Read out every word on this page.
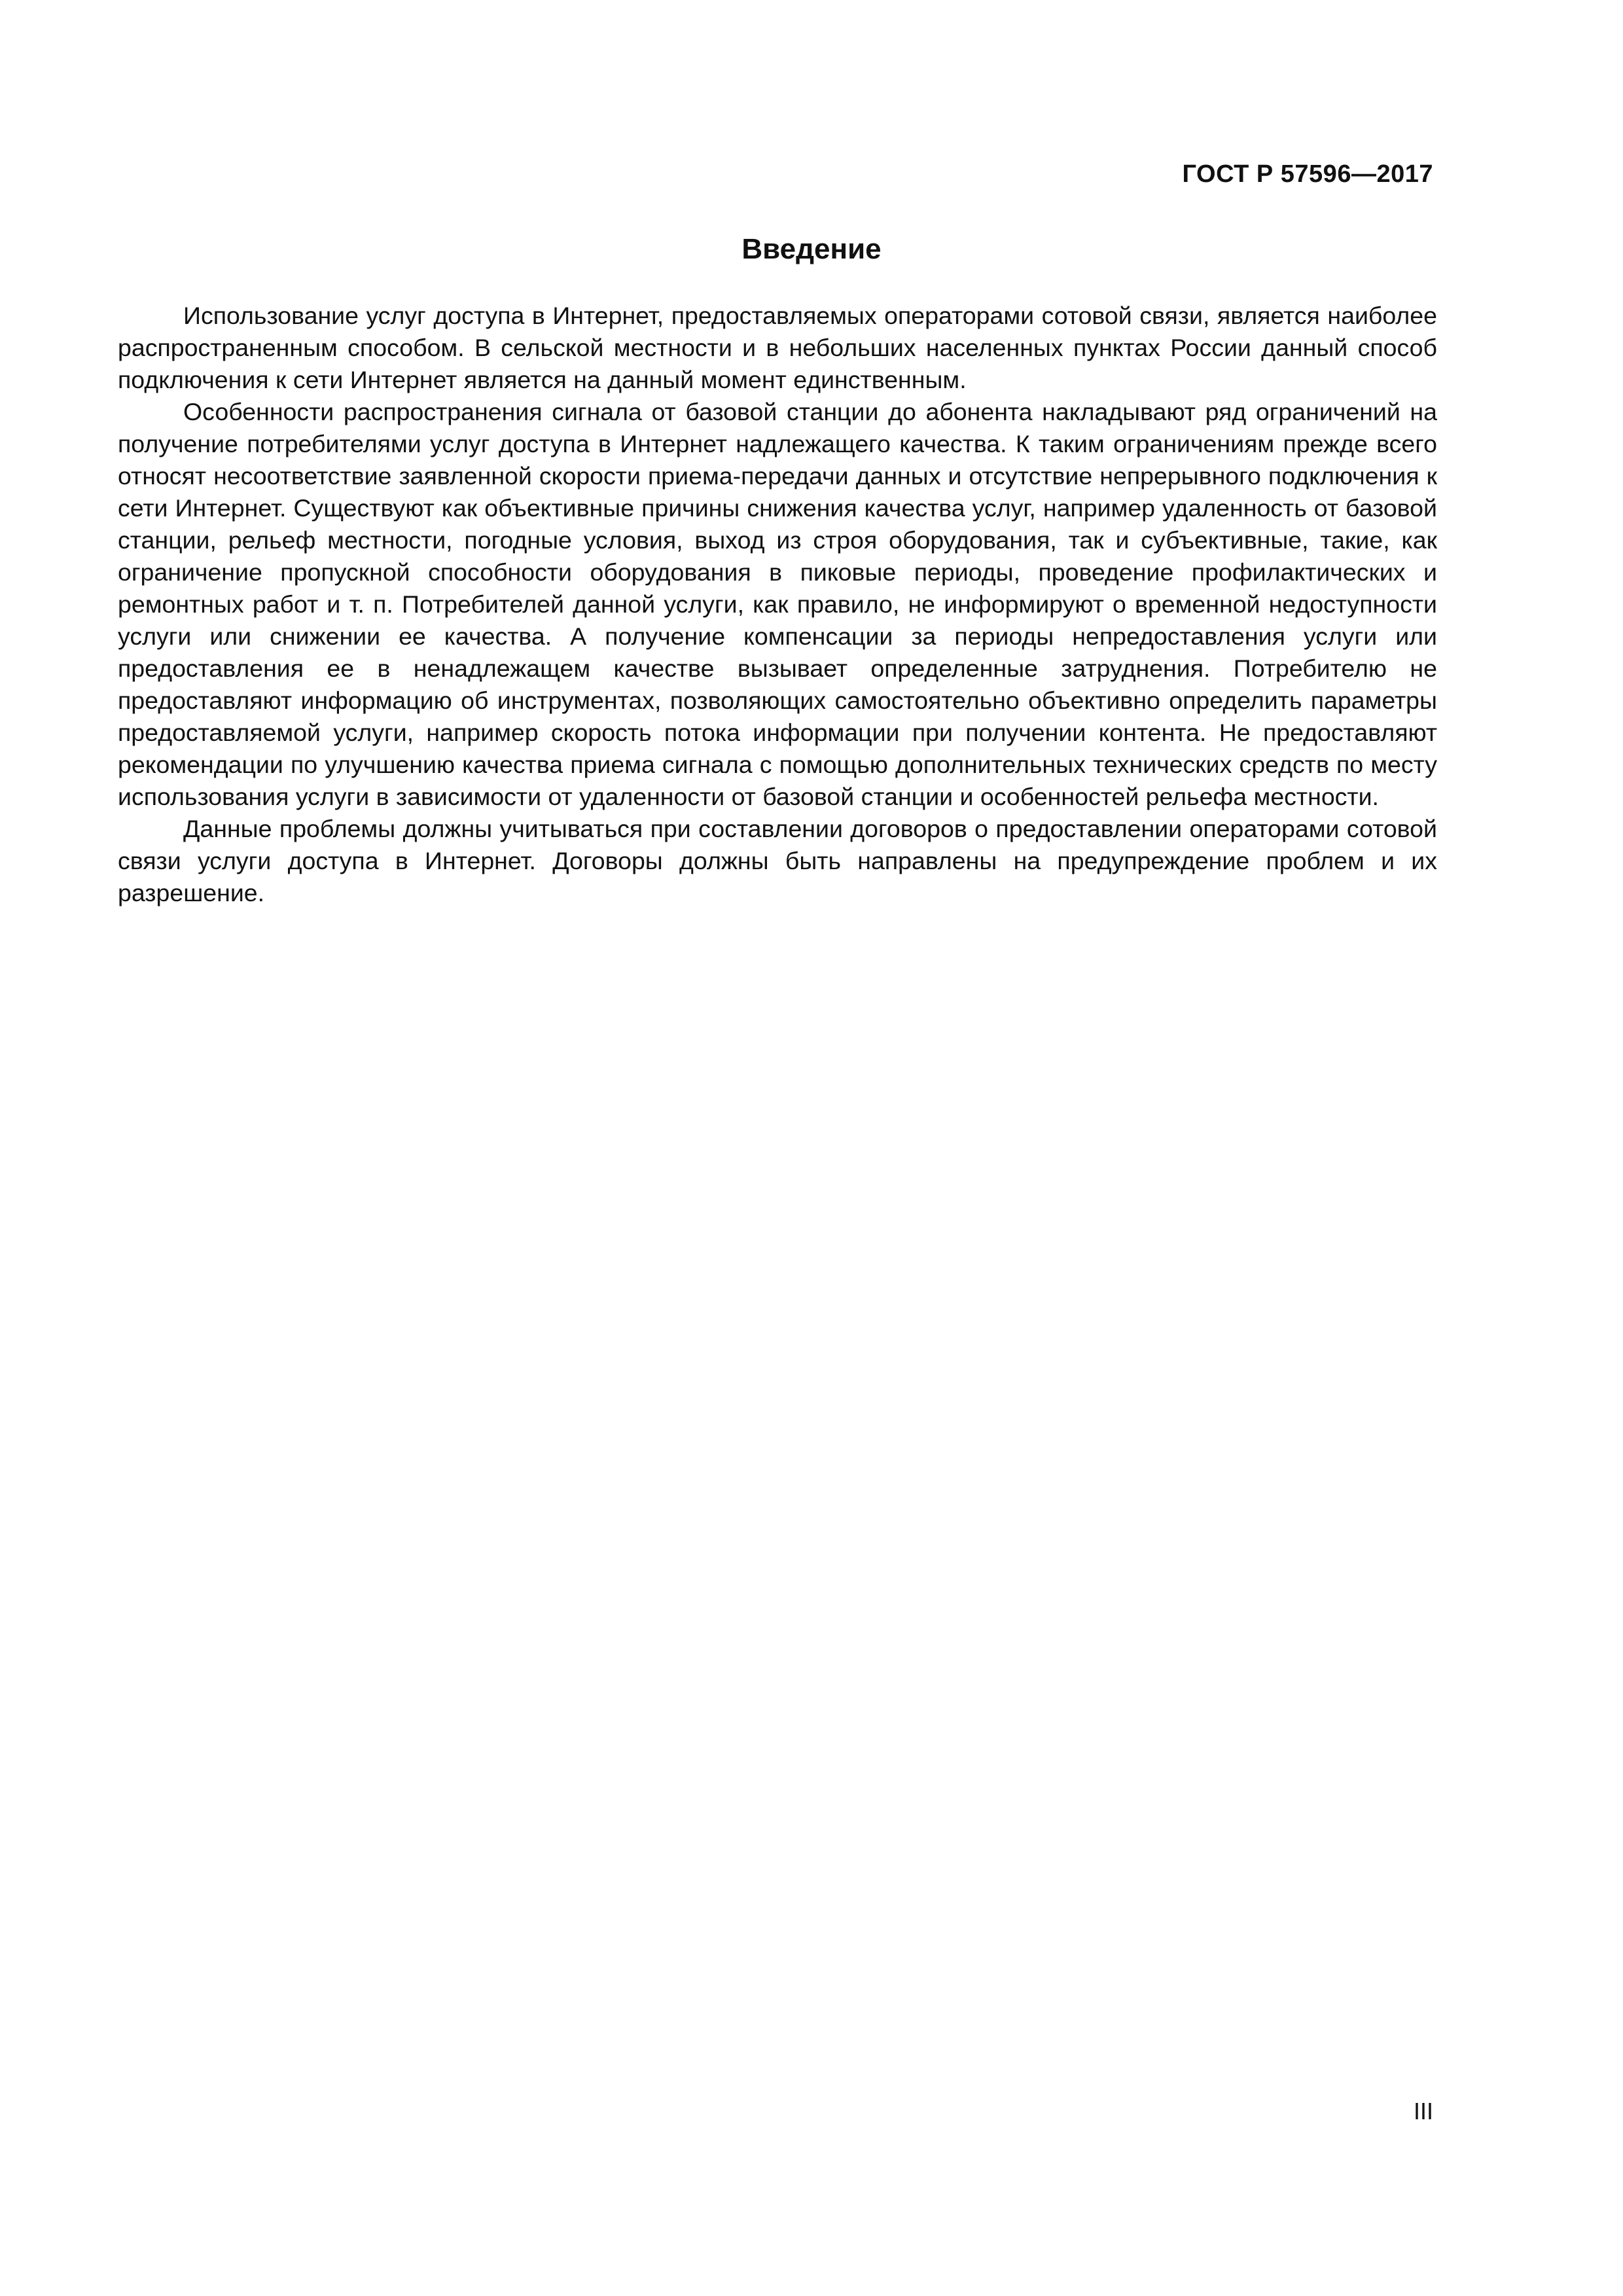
ГОСТ Р 57596—2017
Введение

Использование услуг доступа в Интернет, предоставляемых операторами сотовой связи, является наиболее распространенным способом. В сельской местности и в небольших населенных пунктах России данный способ подключения к сети Интернет является на данный момент единственным.

Особенности распространения сигнала от базовой станции до абонента накладывают ряд ограничений на получение потребителями услуг доступа в Интернет надлежащего качества. К таким ограничениям прежде всего относят несоответствие заявленной скорости приема-передачи данных и отсутствие непрерывного подключения к сети Интернет. Существуют как объективные причины снижения качества услуг, например удаленность от базовой станции, рельеф местности, погодные условия, выход из строя оборудования, так и субъективные, такие, как ограничение пропускной способности оборудования в пиковые периоды, проведение профилактических и ремонтных работ и т. п. Потребителей данной услуги, как правило, не информируют о временной недоступности услуги или снижении ее качества. А получение компенсации за периоды непредоставления услуги или предоставления ее в ненадлежащем качестве вызывает определенные затруднения. Потребителю не предоставляют информацию об инструментах, позволяющих самостоятельно объективно определить параметры предоставляемой услуги, например скорость потока информации при получении контента. Не предоставляют рекомендации по улучшению качества приема сигнала с помощью дополнительных технических средств по месту использования услуги в зависимости от удаленности от базовой станции и особенностей рельефа местности.

Данные проблемы должны учитываться при составлении договоров о предоставлении операторами сотовой связи услуги доступа в Интернет. Договоры должны быть направлены на предупреждение проблем и их разрешение.

III
